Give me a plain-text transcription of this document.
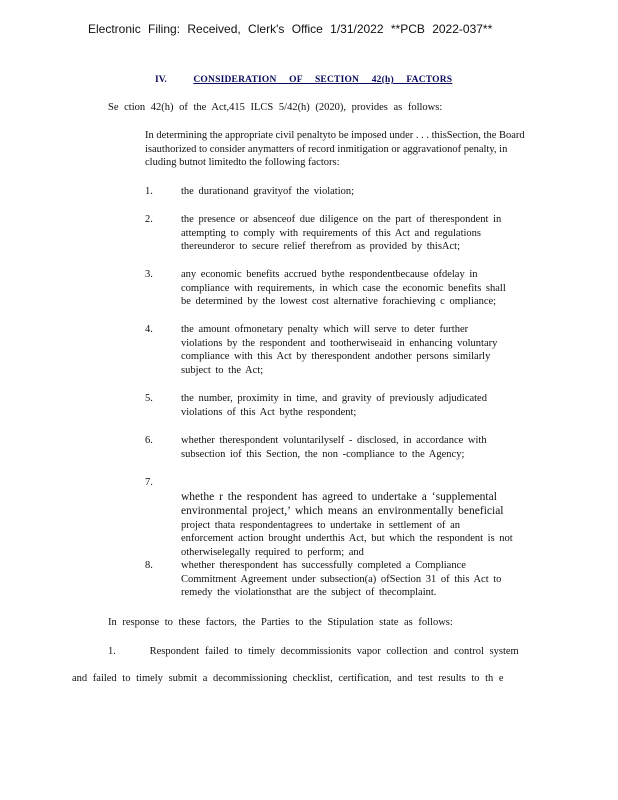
Electronic Filing: Received, Clerk's Office 1/31/2022 **PCB 2022-037**
IV.	CONSIDERATION OF SECTION 42(h) FACTORS
Se ction 42(h) of the Act,415 ILCS 5/42(h) (2020), provides as follows:
In determining the appropriate civil penaltyto be imposed under . . . thisSection, the Board isauthorized to consider anymatters of record inmitigation or aggravationof penalty, in cluding butnot limitedto the following factors:
1.	the durationand gravityof the violation;
2.	the presence or absenceof due diligence on the part of therespondent in
attempting to comply with requirements of this Act and regulations
thereunderor to secure relief therefrom as provided by thisAct;
3.	any economic benefits accrued bythe respondentbecause ofdelay in
compliance with requirements, in which case the economic benefits shall
be determined by the lowest cost alternative forachieving c ompliance;
4.	the amount ofmonetary penalty which will serve to deter further
violations by the respondent and tootherwiseaid in enhancing voluntary
compliance with this Act by therespondent andother persons similarly
subject to the Act;
5.	the number, proximity in time, and gravity of previously adjudicated
violations of this Act bythe respondent;
6.	whether therespondent voluntarilyself - disclosed, in accordance with
subsection iof this Section, the non -compliance to the Agency;
7.

whethe r the respondent has agreed to undertake a ‘supplemental
environmental project,’ which means an environmentally beneficial
project thata respondentagrees to undertake in settlement of an
enforcement action brought underthis Act, but which the respondent is not
otherwiselegally required to perform; and

8.	whether therespondent has successfully completed a Compliance
Commitment Agreement under subsection(a) ofSection 31 of this Act to
remedy the violationsthat are the subject of thecomplaint.
In response to these factors, the Parties to the Stipulation state as follows:
1.	Respondent failed to timely decommissionits vapor collection and control system
and failed to timely submit a decommissioning checklist, certification, and test results to th e
